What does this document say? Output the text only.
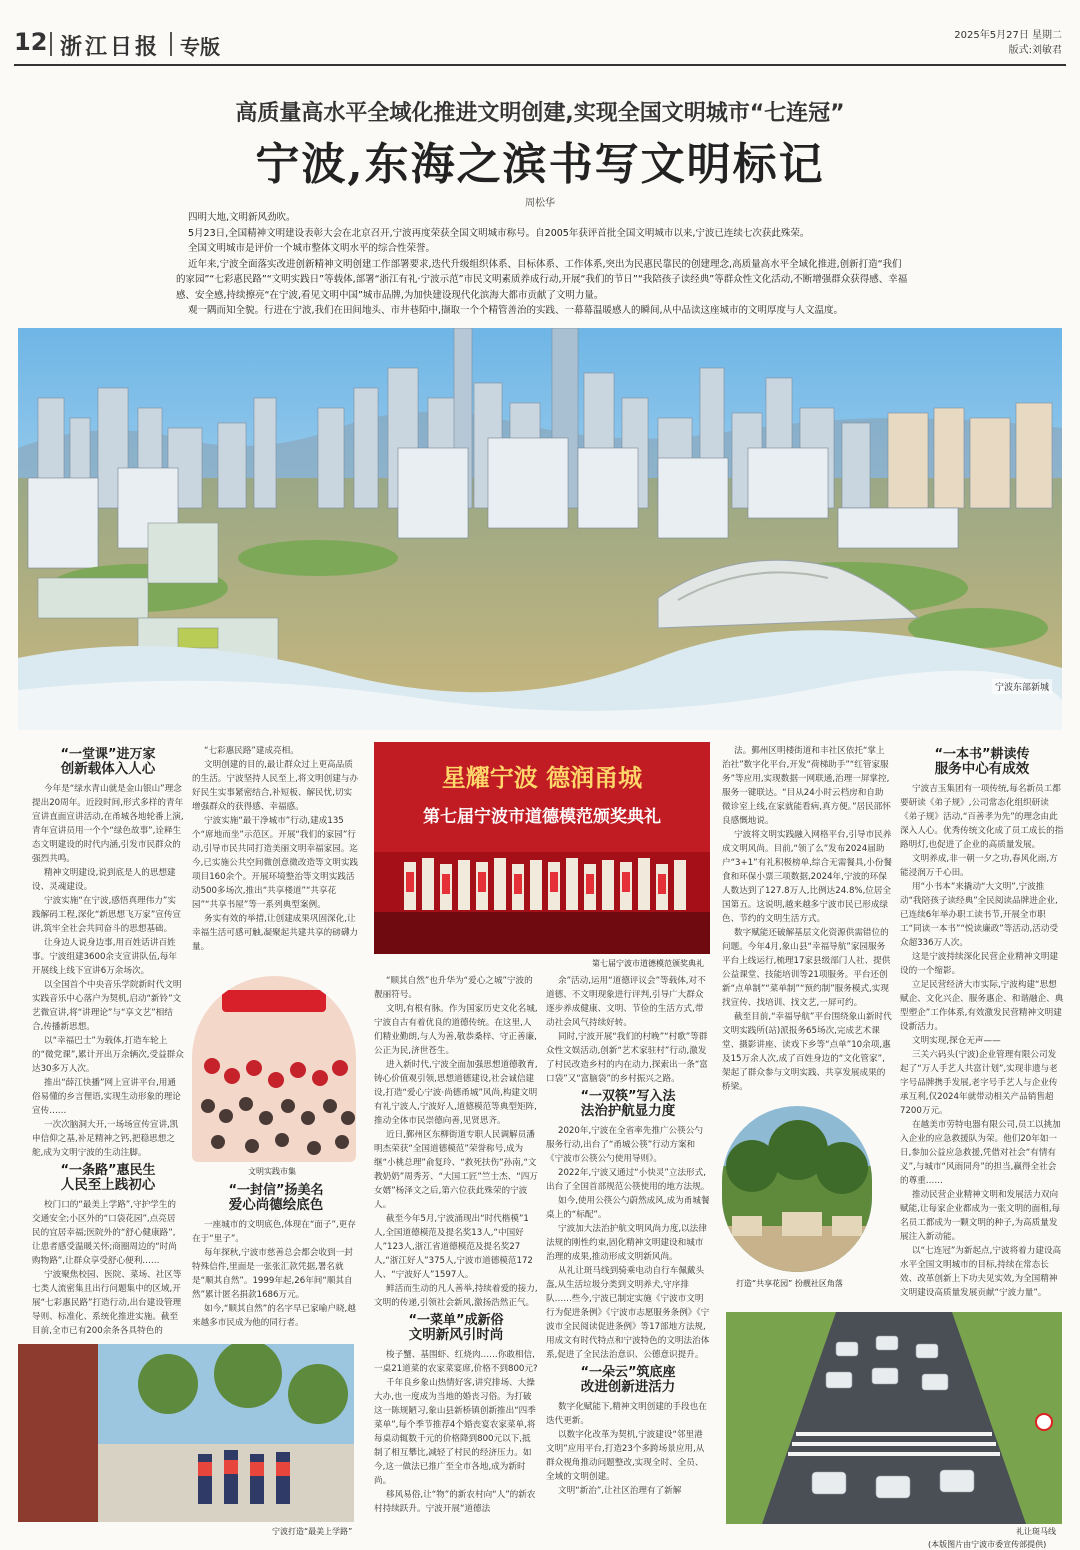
12 浙江日报 专版	2025年5月27日 星期二
版式:刘敏君
高质量高水平全域化推进文明创建,实现全国文明城市“七连冠”
宁波,东海之滨书写文明标记
周松华

四明大地,文明新风劲吹。

5月23日,全国精神文明建设表彰大会在北京召开,宁波再度荣获全国文明城市称号。自2005年获评首批全国文明城市以来,宁波已连续七次获此殊荣。

全国文明城市是评价一个城市整体文明水平的综合性荣誉。

近年来,宁波全面落实改进创新精神文明创建工作部署要求,迭代升级组织体系、目标体系、工作体系,突出为民惠民靠民的创建理念,高质量高水平全域化推进,创新打造“我们的家园”“七彩惠民路”“文明实践日”等载体,部署“浙江有礼·宁波示范”市民文明素质养成行动,开展“我们的节日”“我陪孩子读经典”等群众性文化活动,不断增强群众获得感、幸福感、安全感,持续擦亮“在宁波,看见文明中国”城市品牌,为加快建设现代化滨海大都市贡献了文明力量。

观一隅而知全貌。行进在宁波,我们在田间地头、市井巷陌中,撷取一个个精管善治的实践、一幕幕温暖感人的瞬间,从中品读这座城市的文明厚度与人文温度。

宁波东部新城
“一堂课”进万家
创新载体入人心

今年是“绿水青山就是金山银山”理念提出20周年。近段时间,形式多样的青年宣讲直面宣讲活动,在甬城各地轮番上演,青年宣讲员用一个个“绿色故事”,诠释生态文明建设的时代内涵,引发市民群众的强烈共鸣。

精神文明建设,说到底是人的思想建设、灵魂建设。

宁波实施“在宁波,感悟真理伟力”实践解码工程,深化“新思想飞万家”宣传宣讲,筑牢全社会共同奋斗的思想基础。

让身边人说身边事,用百姓话讲百姓事。宁波组建3600余支宣讲队伍,每年开展线上线下宣讲6万余场次。

以全国首个中央音乐学院新时代文明实践音乐中心落户为契机,启动“新铃”文艺微宣讲,将“讲理论”与“享文艺”相结合,传播新思想。

以“幸福巴士”为载体,打造车轮上的“微党课”,累计开出万余辆次,受益群众达30多万人次。

推出“薛江快播”网上宣讲平台,用通俗易懂的乡言俚语,实现生动形象的理论宣传……

一次次脑洞大开,一场场宣传宣讲,凯申信仰之基,补足精神之钙,把稳思想之舵,成为文明宁波的生动注脚。

“一条路”惠民生
人民至上践初心

校门口的“最美上学路”,守护学生的交通安全;小区外的“口袋花园”,点亮居民的宜居幸福;医院外的“舒心健康路”,让患者感受温暖关怀;商圈周边的“时尚购物路”,让群众享受舒心便利……

宁波聚焦校园、医院、菜场、社区等七类人流密集且出行问题集中的区域,开展“七彩惠民路”打造行动,出台建设管理导则、标准化、系统化推进实施。截至目前,全市已有200余条各具特色的

“七彩惠民路”建成亮相。

文明创建的目的,最让群众过上更高品质的生活。宁波坚持人民至上,将文明创建与办好民生实事紧密结合,补短板、解民忧,切实增强群众的获得感、幸福感。

宁波实施“最干净城市”行动,建成135个“席地而坐”示范区。开展“我们的家园”行动,引导市民共同打造美丽文明幸福家园。迄今,已实施公共空间微创意微改造等文明实践项目160余个。开展环境整治等文明实践活动500多场次,推出“共享楼道”“共享花园”“共享书屋”等一系列典型案例。

务实有效的举措,让创建成果巩固深化,让幸福生活可感可触,凝聚起共建共享的磅礴力量。

文明实践市集
“一封信”扬美名
爱心尚德绘底色

一座城市的文明底色,体现在“面子”,更存在于“里子”。

每年探秋,宁波市慈善总会都会收到一封特殊信件,里面是一张张汇款凭据,署名就是“顺其自然”。1999年起,26年间“顺其自然”累计匿名捐款1686万元。

如今,“顺其自然”的名字早已家喻户晓,越来越多市民成为他的同行者。

星耀宁波 德润甬城
第七届宁波市道德模范颁奖典礼
第七届宁波市道德模范颁奖典礼

“顺其自然”也升华为“爱心之城”宁波的靓丽符号。

文明,有根有脉。作为国家历史文化名城,宁波自古有着优良的道德传统。在这里,人们精业勤朗,与人为善,敬恭桑梓、守正善廉,公正为民,济世苍生。

进入新时代,宁波全面加强思想道德教育,铸心价值观引领,思想道德建设,社会诚信建设,打造“爱心宁波·尚德甬城”风尚,构建文明有礼宁波人,宁波好人,道德模范等典型矩阵,推动全体市民崇德向善,见贤思齐。

近日,鄞州区东柳街道专职人民调解员潘明杰荣获“全国道德模范”荣誉称号,成为继“小桃总理”俞复玲、“救死扶伤”孙南,“文教奶奶”周秀芳、“大国工匠”竺士杰、“四万女婿”杨泽文之后,第六位获此殊荣的宁波人。

截至今年5月,宁波涌现出“时代楷模”1人,全国道德模范及提名奖13人,“中国好人”123人,浙江省道德模范及提名奖27人,“浙江好人”375人,宁波市道德模范172人、“宁波好人”1597人。

鲜活而生动的凡人善举,持续着爱的接力,文明的传递,引领社会新风,激扬浩然正气。

“一菜单”成新俗
文明新风引时尚

梭子蟹、基围虾、红烧肉……你敢相信,一桌21道菜的农家菜宴席,价格不到800元?

千年良乡象山热情好客,讲究排场、大操大办,也一度成为当地的婚丧习俗。为打破这一陈规陋习,象山县新桥镇创新推出“四季菜单”,每个季节推荐4个婚丧宴农家菜单,将每桌动辄数千元的价格降到800元以下,抵制了相互攀比,减轻了村民的经济压力。如今,这一做法已推广至全市各地,成为新时尚。

移风易俗,让“物”的新农村向“人”的新农村持续跃升。宁波开展“道德法

余”活动,运用“道德评议会”等载体,对不道德、不文明现象进行评判,引导广大群众逐步养成健康、文明、节俭的生活方式,带动社会风气持续好转。

同时,宁波开展“我们的村晚”“村歌”等群众性文娱活动,创新“艺术家驻村”行动,激发了村民改造乡村的内在动力,探索出一条“富口袋”又“富脑袋”的乡村振兴之路。

“一双筷”写入法
法治护航显力度

2020年,宁波在全省率先推广公筷公勺服务行动,出台了“甬城公筷”行动方案和《宁波市公筷公勺使用导则》。

2022年,宁波又通过“小快灵”立法形式,出台了全国首部规范公筷使用的地方法规。

如今,使用公筷公勺蔚然成风,成为甬城餐桌上的“标配”。

宁波加大法治护航文明风尚力度,以法律法规的刚性约束,固化精神文明建设和城市治理的成果,推动形成文明新风尚。

从礼让斑马线到骑乘电动自行车佩戴头盔,从生活垃圾分类到文明养犬,守序排队……些今,宁波已制定实施《宁波市文明行为促进条例》《宁波市志愿服务条例》《宁波市全民阅读促进条例》等17部地方法规,用成文有时代特点和宁波特色的文明法治体系,促进了全民法治意识、公德意识提升。

“一朵云”筑底座
改进创新进活力

数字化赋能下,精神文明创建的手段也在迭代更新。

以数字化改革为契机,宁波建设“邻里港文明”应用平台,打造23个多跨场景应用,从群众视角推动问题整改,实现全时、全员、全域的文明创建。

文明“新治”,让社区治理有了新解

法。鄞州区明楼街道和丰社区依托“掌上治社”数字化平台,开发“荷梯助手”“红管家服务”等应用,实现数据一网联通,治理一屏掌控,服务一键联达。“目从24小时云档房和自助微诊室上线,在家就能看病,真方便。”居民邵怀良感慨地说。

宁波将文明实践融入网格平台,引导市民养成文明风尚。目前,“领了么”发布2024届助户“3+1”有礼积极榜单,综合无需餐具,小份餐食和环保小票三项数据,2024年,宁波的环保人数达到了127.8万人,比例达24.8%,位居全国第五。这说明,越来越多宁波市民已形成绿色、节约的文明生活方式。

数字赋能还破解基层文化资源供需错位的问题。今年4月,象山县“幸福导航”家园服务平台上线运行,梳理17家县级部门人社、提供公益课堂、技能培训等21项服务。平台还创新“点单制”“菜单制”“预约制”服务模式,实现找宣传、找培训、找文艺,一屏可约。

截至目前,“幸福导航”平台围绕象山新时代文明实践所(站)派报务65场次,完成艺术课堂、摄影讲座、读戏下乡等“点单”10余项,惠及15万余人次,成了百姓身边的“文化管家”,架起了群众参与文明实践、共享发展成果的桥梁。

打造“共享花园” 扮靓社区角落
“一本书”耕读传
服务中心有成效

宁波吉玉集团有一项传统,每名新员工都要研读《弟子规》,公司常态化组织研读《弟子规》活动,“百善孝为先”的理念由此深入人心。优秀传统文化成了员工成长的指路明灯,也促进了企业的高质量发展。

文明养成,非一朝一夕之功,春风化雨,方能浸润万千心田。

用“小书本”来撬动“大文明”,宁波推动“我陪孩子读经典”全民阅读品牌进企业,已连续6年举办职工读书节,开展全市职工“同读一本书”“悦读廉政”等活动,活动受众超336万人次。

这是宁波持续深化民营企业精神文明建设的一个缩影。

立足民营经济大市实际,宁波构建“思想赋企、文化兴企、服务惠企、和谐融企、典型塑企”工作体系,有效激发民营精神文明建设新活力。

文明实现,探仓无声——

三关六码头(宁波)企业管理有限公司发起了“万人手艺人共富计划”,实现非遗与老字号品牌携手发展,老字号手艺人与企业传承互利,仅2024年就带动相关产品销售超7200万元。

在越美市劳特电器有限公司,员工以挑加入企业的应急救援队为荣。他们20年如一日,参加公益应急救援,凭借对社会“有情有义”,与城市“风雨同舟”的担当,赢得全社会的尊重……

推动民营企业精神文明和发展活力双向赋能,让每家企业都成为一张文明的面相,每名员工都成为一颗文明的种子,为高质量发展注入新动能。

以“七连冠”为新起点,宁波将着力建设高水平全国文明城市的目标,持续在常态长效、改革创新上下功夫见实效,为全国精神文明建设高质量发展贡献“宁波力量”。

宁波打造“最美上学路”	礼让斑马线
(本版图片由宁波市委宣传部提供)
